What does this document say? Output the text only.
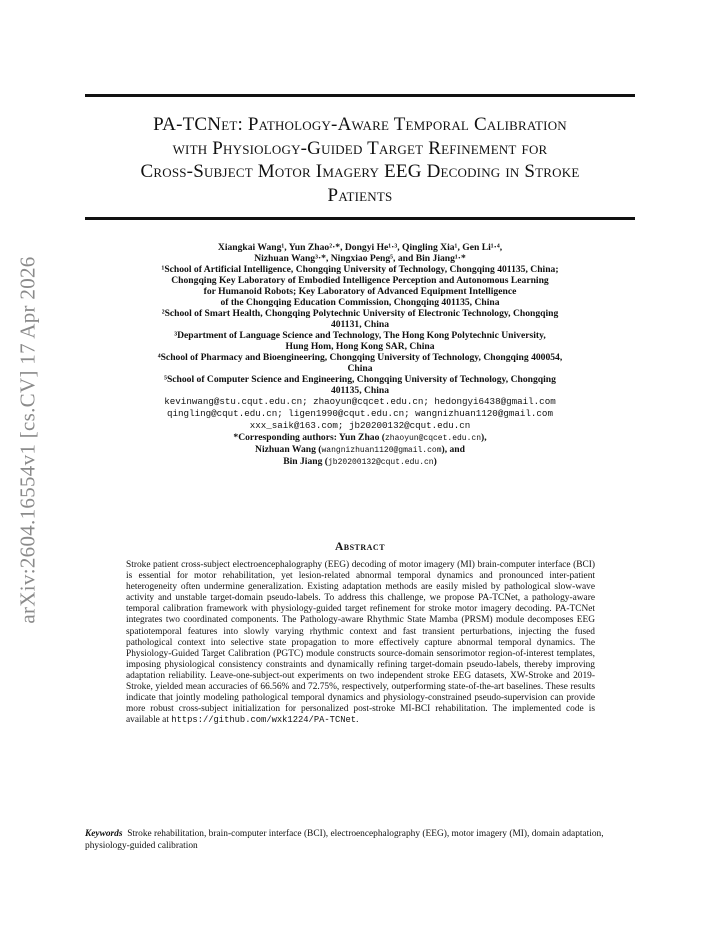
arXiv:2604.16554v1 [cs.CV] 17 Apr 2026
PA-TCNet: Pathology-Aware Temporal Calibration
with Physiology-Guided Target Refinement for
Cross-Subject Motor Imagery EEG Decoding in Stroke
Patients
Xiangkai Wang¹, Yun Zhao²·*, Dongyi He¹·³, Qingling Xia¹, Gen Li¹·⁴,
Nizhuan Wang³·*, Ningxiao Peng⁵, and Bin Jiang¹·*
¹School of Artificial Intelligence, Chongqing University of Technology, Chongqing 401135, China;
Chongqing Key Laboratory of Embodied Intelligence Perception and Autonomous Learning
for Humanoid Robots; Key Laboratory of Advanced Equipment Intelligence
of the Chongqing Education Commission, Chongqing 401135, China
²School of Smart Health, Chongqing Polytechnic University of Electronic Technology, Chongqing
401131, China
³Department of Language Science and Technology, The Hong Kong Polytechnic University,
Hung Hom, Hong Kong SAR, China
⁴School of Pharmacy and Bioengineering, Chongqing University of Technology, Chongqing 400054,
China
⁵School of Computer Science and Engineering, Chongqing University of Technology, Chongqing
401135, China
kevinwang@stu.cqut.edu.cn; zhaoyun@cqcet.edu.cn; hedongyi6438@gmail.com
qingling@cqut.edu.cn; ligen1990@cqut.edu.cn; wangnizhuan1120@gmail.com
xxx_saik@163.com; jb20200132@cqut.edu.cn
*Corresponding authors: Yun Zhao (zhaoyun@cqcet.edu.cn),
Nizhuan Wang (wangnizhuan1120@gmail.com), and
Bin Jiang (jb20200132@cqut.edu.cn)
Abstract
Stroke patient cross-subject electroencephalography (EEG) decoding of motor imagery (MI) brain-computer interface (BCI) is essential for motor rehabilitation, yet lesion-related abnormal temporal dynamics and pronounced inter-patient heterogeneity often undermine generalization. Existing adaptation methods are easily misled by pathological slow-wave activity and unstable target-domain pseudo-labels. To address this challenge, we propose PA-TCNet, a pathology-aware temporal calibration framework with physiology-guided target refinement for stroke motor imagery decoding. PA-TCNet integrates two coordinated components. The Pathology-aware Rhythmic State Mamba (PRSM) module decomposes EEG spatiotemporal features into slowly varying rhythmic context and fast transient perturbations, injecting the fused pathological context into selective state propagation to more effectively capture abnormal temporal dynamics. The Physiology-Guided Target Calibration (PGTC) module constructs source-domain sensorimotor region-of-interest templates, imposing physiological consistency constraints and dynamically refining target-domain pseudo-labels, thereby improving adaptation reliability. Leave-one-subject-out experiments on two independent stroke EEG datasets, XW-Stroke and 2019-Stroke, yielded mean accuracies of 66.56% and 72.75%, respectively, outperforming state-of-the-art baselines. These results indicate that jointly modeling pathological temporal dynamics and physiology-constrained pseudo-supervision can provide more robust cross-subject initialization for personalized post-stroke MI-BCI rehabilitation. The implemented code is available at https://github.com/wxk1224/PA-TCNet.
Keywords Stroke rehabilitation, brain-computer interface (BCI), electroencephalography (EEG), motor imagery (MI), domain adaptation, physiology-guided calibration
